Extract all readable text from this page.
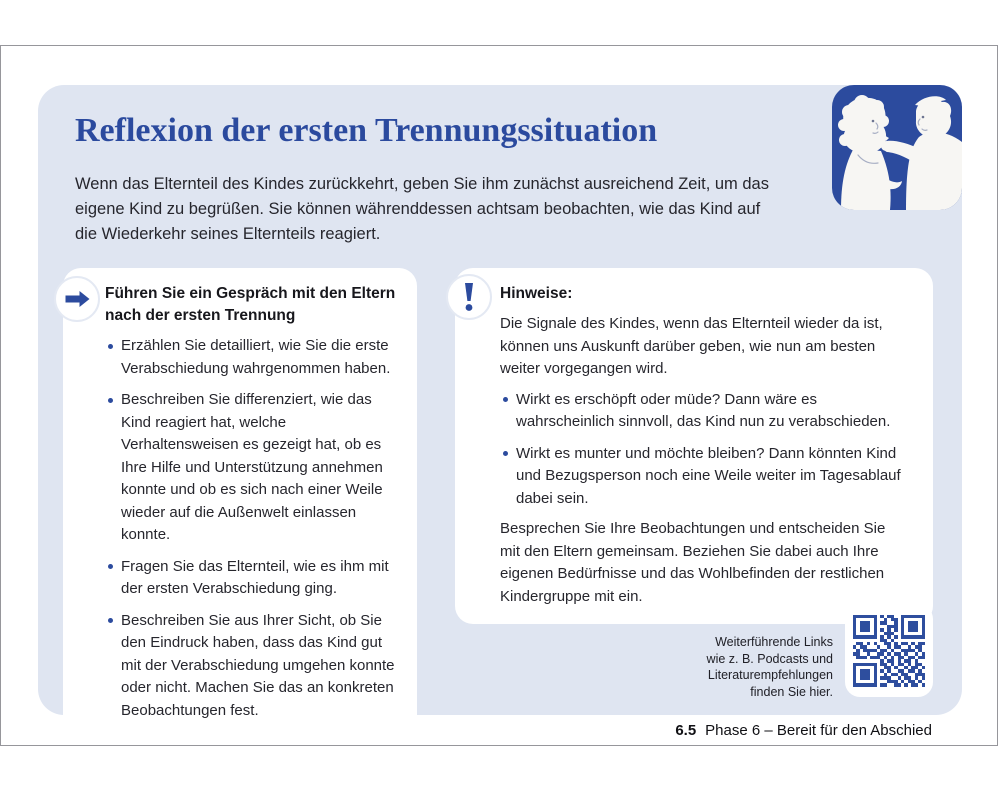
Reflexion der ersten Trennungssituation
Wenn das Elternteil des Kindes zurückkehrt, geben Sie ihm zunächst ausreichend Zeit, um das eigene Kind zu begrüßen. Sie können währenddessen achtsam beobachten, wie das Kind auf die Wiederkehr seines Elternteils reagiert.
Führen Sie ein Gespräch mit den Eltern nach der ersten Trennung
Erzählen Sie detailliert, wie Sie die erste Verabschiedung wahrgenommen haben.
Beschreiben Sie differenziert, wie das Kind reagiert hat, welche Verhaltensweisen es gezeigt hat, ob es Ihre Hilfe und Unterstützung annehmen konnte und ob es sich nach einer Weile wieder auf die Außenwelt einlassen konnte.
Fragen Sie das Elternteil, wie es ihm mit der ersten Verabschiedung ging.
Beschreiben Sie aus Ihrer Sicht, ob Sie den Eindruck haben, dass das Kind gut mit der Verabschiedung umgehen konnte oder nicht. Machen Sie das an konkreten Beobachtungen fest.
Hinweise:

Die Signale des Kindes, wenn das Elternteil wieder da ist, können uns Auskunft darüber geben, wie nun am besten weiter vorgegangen wird.

Wirkt es erschöpft oder müde? Dann wäre es wahrscheinlich sinnvoll, das Kind nun zu verabschieden.
Wirkt es munter und möchte bleiben? Dann könnten Kind und Bezugsperson noch eine Weile weiter im Tagesablauf dabei sein.

Besprechen Sie Ihre Beobachtungen und entscheiden Sie mit den Eltern gemeinsam. Beziehen Sie dabei auch Ihre eigenen Bedürfnisse und das Wohlbefinden der restlichen Kindergruppe mit ein.

Weiterführende Links
wie z. B. Podcasts und
Literaturempfehlungen
finden Sie hier.
6.5 Phase 6 – Bereit für den Abschied
